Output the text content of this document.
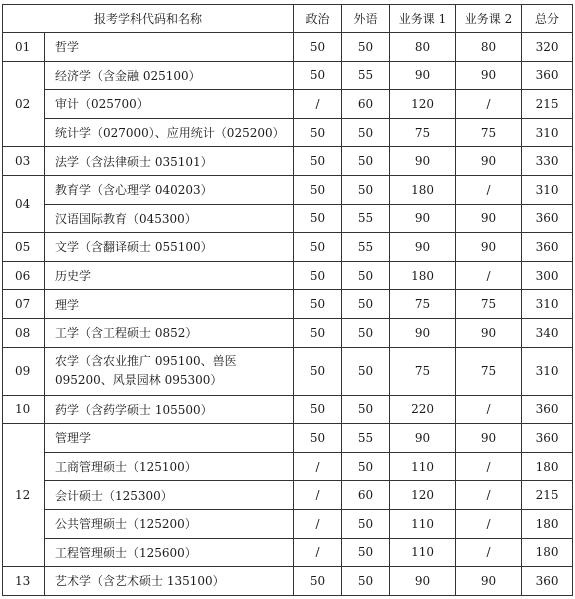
报考学科代码和名称		政治	外语	业务课 1	业务课 2	总分
01	哲学	50	50	80	80	320
02	经济学（含金融 025100）	50	55	90	90	360
	审计（025700）	/	60	120	/	215
	统计学（027000）、应用统计（025200）	50	50	75	75	310
03	法学（含法律硕士 035101）	50	50	90	90	330
04	教育学（含心理学 040203）	50	50	180	/	310
	汉语国际教育（045300）	50	55	90	90	360
05	文学（含翻译硕士 055100）	50	55	90	90	360
06	历史学	50	50	180	/	300
07	理学	50	50	75	75	310
08	工学（含工程硕士 0852）	50	50	90	90	340
09	农学（含农业推广 095100、兽医 095200、风景园林 095300）	50	50	75	75	310
10	药学（含药学硕士 105500）	50	50	220	/	360
12	管理学	50	55	90	90	360
	工商管理硕士（125100）	/	50	110	/	180
	会计硕士（125300）	/	60	120	/	215
	公共管理硕士（125200）	/	50	110	/	180
	工程管理硕士（125600）	/	50	110	/	180
13	艺术学（含艺术硕士 135100）	50	50	90	90	360
